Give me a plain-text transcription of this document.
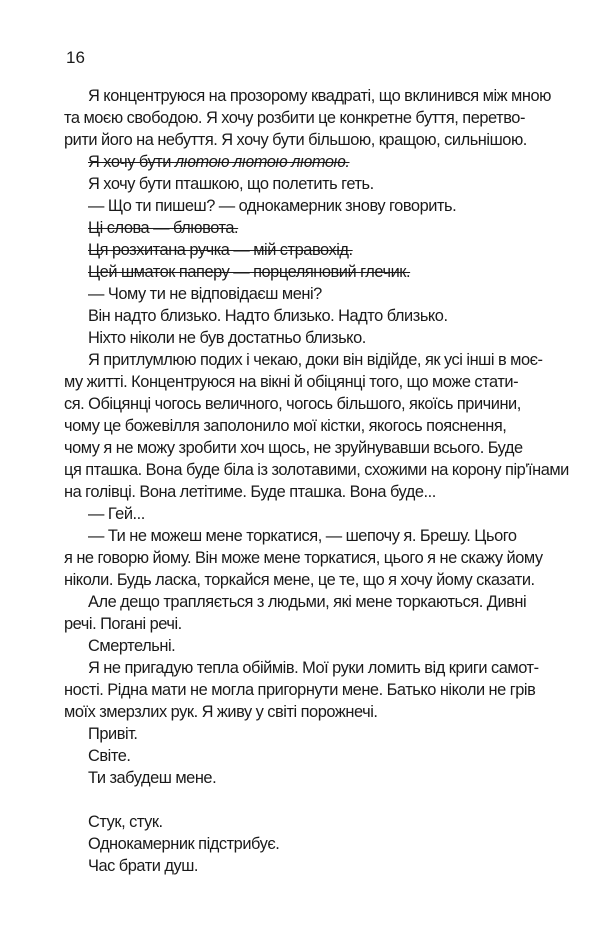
16
Я концентруюся на прозорому квадраті, що вклинився між мною
та моєю свободою. Я хочу розбити це конкретне буття, перетво-
рити його на небуття. Я хочу бути більшою, кращою, сильнішою.
Я хочу бути лютою лютою лютою.
Я хочу бути пташкою, що полетить геть.
— Що ти пишеш? — однокамерник знову говорить.
Ці слова — блювота.
Ця розхитана ручка — мій стравохід.
Цей шматок паперу — порцеляновий глечик.
— Чому ти не відповідаєш мені?
Він надто близько. Надто близько. Надто близько.
Ніхто ніколи не був достатньо близько.
Я притлумлюю подих і чекаю, доки він відійде, як усі інші в моє-
му житті. Концентруюся на вікні й обіцянці того, що може стати-
ся. Обіцянці чогось величного, чогось більшого, якоїсь причини,
чому це божевілля заполонило мої кістки, якогось пояснення,
чому я не можу зробити хоч щось, не зруйнувавши всього. Буде
ця пташка. Вона буде біла із золотавими, схожими на корону пір'їнами
на голівці. Вона летітиме. Буде пташка. Вона буде...
— Гей...
— Ти не можеш мене торкатися, — шепочу я. Брешу. Цього
я не говорю йому. Він може мене торкатися, цього я не скажу йому
ніколи. Будь ласка, торкайся мене, це те, що я хочу йому сказати.
Але дещо трапляється з людьми, які мене торкаються. Дивні
речі. Погані речі.
Смертельні.
Я не пригадую тепла обіймів. Мої руки ломить від криги самот-
ності. Рідна мати не могла пригорнути мене. Батько ніколи не грів
моїх змерзлих рук. Я живу у світі порожнечі.
Привіт.
Світе.
Ти забудеш мене.
Стук, стук.
Однокамерник підстрибує.
Час брати душ.
